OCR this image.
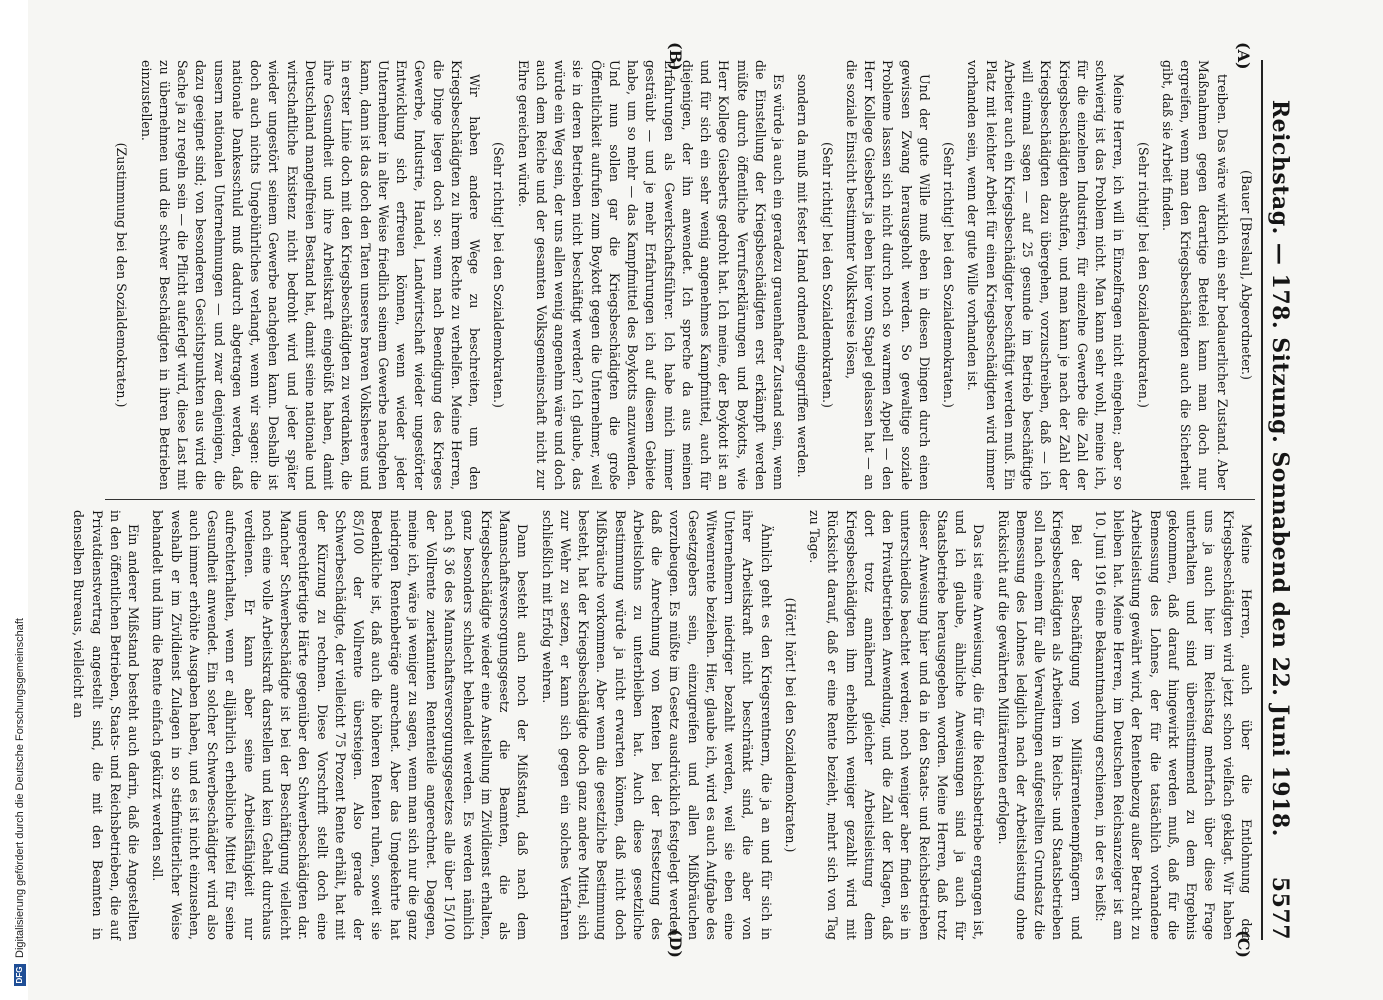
DFG
Digitalisierung gefördert durch die Deutsche Forschungsgemeinschaft	Reichstag. — 178. Sitzung. Sonnabend den 22. Juni 1918.
5577
(A)
(B)
(C)
(D)

(Bauer [Breslau], Abgeordneter.)

treiben. Das wäre wirklich ein sehr bedauerlicher Zustand. Aber Maßnahmen gegen derartige Bettelei kann man doch nur ergreifen, wenn man den Kriegsbeschädigten auch die Sicherheit gibt, daß sie Arbeit finden.

(Sehr richtig! bei den Sozialdemokraten.)

Meine Herren, ich will in Einzelfragen nicht eingehen; aber so schwierig ist das Problem nicht. Man kann sehr wohl, meine ich, für die einzelnen Industrien, für einzelne Gewerbe die Zahl der Kriegsbeschädigten abstufen, und man kann je nach der Zahl der Kriegsbeschädigten dazu übergehen, vorzuschreiben, daß — ich will einmal sagen — auf 25 gesunde im Betrieb beschäftigte Arbeiter auch ein Kriegsbeschädigter beschäftigt werden muß. Ein Platz mit leichter Arbeit für einen Kriegsbeschädigten wird immer vorhanden sein, wenn der gute Wille vorhanden ist.

(Sehr richtig! bei den Sozialdemokraten.)

Und der gute Wille muß eben in diesen Dingen durch einen gewissen Zwang herausgeholt werden. So gewaltige soziale Probleme lassen sich nicht durch noch so warmen Appell — den Herr Kollege Giesberts ja eben hier vom Stapel gelassen hat — an die soziale Einsicht bestimmter Volkskreise lösen,

(Sehr richtig! bei den Sozialdemokraten.)

sondern da muß mit fester Hand ordnend eingegriffen werden.

Es würde ja auch ein geradezu grauenhafter Zustand sein, wenn die Einstellung der Kriegsbeschädigten erst erkämpft werden müßte durch öffentliche Verrufserklärungen und Boykotts, wie Herr Kollege Giesberts gedroht hat. Ich meine, der Boykott ist an und für sich ein sehr wenig angenehmes Kampfmittel, auch für diejenigen, der ihn anwendet. Ich spreche da aus meinen Erfahrungen als Gewerkschaftsführer. Ich habe mich immer gesträubt — und je mehr Erfahrungen ich auf diesem Gebiete habe, um so mehr — das Kampfmittel des Boykotts anzuwenden. Und nun sollen gar die Kriegsbeschädigten die große Öffentlichkeit aufrufen zum Boykott gegen die Unternehmer, weil sie in deren Betrieben nicht beschäftigt werden? Ich glaube, das würde ein Weg sein, der uns allen wenig angenehm wäre und doch auch dem Reiche und der gesamten Volksgemeinschaft nicht zur Ehre gereichen würde.

(Sehr richtig! bei den Sozialdemokraten.)

Wir haben andere Wege zu beschreiten, um den Kriegsbeschädigten zu ihrem Rechte zu verhelfen. Meine Herren, die Dinge liegen doch so: wenn nach Beendigung des Krieges Gewerbe, Industrie, Handel, Landwirtschaft wieder ungestörter Entwicklung sich erfreuen können, wenn wieder jeder Unternehmer in alter Weise friedlich seinem Gewerbe nachgehen kann, dann ist das doch den Taten unseres braven Volksheeres und in erster Linie doch mit den Kriegsbeschädigten zu verdanken, die ihre Gesundheit und ihre Arbeitskraft eingebüßt haben, damit Deutschland mangelfreien Bestand hat, damit seine nationale und wirtschaftliche Existenz nicht bedroht wird und jeder später wieder ungestört seinem Gewerbe nachgehen kann. Deshalb ist doch auch nichts Ungebührliches verlangt, wenn wir sagen: die nationale Dankesschuld muß dadurch abgetragen werden, daß unsern nationalen Unternehmungen — und zwar denjenigen, die dazu geeignet sind; von besonderen Gesichtspunkten aus wird die Sache ja zu regeln sein — die Pflicht auferlegt wird, diese Last mit zu übernehmen und die schwer Beschädigten in ihren Betrieben einzustellen.

(Zustimmung bei den Sozialdemokraten.)

Meine Herren, auch über die Entlohnung der Kriegsbeschädigten wird jetzt schon vielfach geklagt. Wir haben uns ja auch hier im Reichstag mehrfach über diese Frage unterhalten und sind übereinstimmend zu dem Ergebnis gekommen, daß darauf hingewirkt werden muß, daß für die Bemessung des Lohnes, der für die tatsächlich vorhandene Arbeitsleistung gewährt wird, der Rentenbezug außer Betracht zu bleiben hat. Meine Herren, im Deutschen Reichsanzeiger ist am 10. Juni 1916 eine Bekanntmachung erschienen, in der es heißt:

Bei der Beschäftigung von Militärrentenempfängern und Kriegsbeschädigten als Arbeitern in Reichs- und Staatsbetrieben soll nach einem für alle Verwaltungen aufgestellten Grundsatz die Bemessung des Lohnes lediglich nach der Arbeitsleistung ohne Rücksicht auf die gewährten Militärrenten erfolgen.

Das ist eine Anweisung, die für die Reichsbetriebe ergangen ist, und ich glaube, ähnliche Anweisungen sind ja auch für Staatsbetriebe herausgegeben worden. Meine Herren, daß trotz dieser Anweisung hier und da in den Staats- und Reichsbetrieben unterschiedlos beachtet werden; noch weniger aber finden sie in den Privatbetrieben Anwendung, und die Zahl der Klagen, daß dort trotz annähernd gleicher Arbeitsleistung dem Kriegsbeschädigten ihm erheblich weniger gezahlt wird mit Rücksicht darauf, daß er eine Rente bezieht, mehrt sich von Tag zu Tage.

(Hört! hört! bei den Sozialdemokraten.)

Ähnlich geht es den Kriegsrentnern, die ja an und für sich in ihrer Arbeitskraft nicht beschränkt sind, die aber von Unternehmern niedriger bezahlt werden, weil sie eben eine Witwenrente beziehen. Hier, glaube ich, wird es auch Aufgabe des Gesetzgebers sein, einzugreifen und allen Mißbräuchen vorzubeugen. Es müßte im Gesetz ausdrücklich festgelegt werden, daß die Anrechnung von Renten bei der Festsetzung des Arbeitslohns zu unterbleiben hat. Auch diese gesetzliche Bestimmung würde ja nicht erwarten können, daß nicht doch Mißbräuche vorkommen. Aber wenn die gesetzliche Bestimmung besteht, hat der Kriegsbeschädigte doch ganz andere Mittel, sich zur Wehr zu setzen, er kann sich gegen ein solches Verfahren schließlich mit Erfolg wehren.

Dann besteht auch noch der Mißstand, daß nach dem Mannschaftsversorgungsgesetz die Beamten, die als Kriegsbeschädigte wieder eine Anstellung im Zivildienst erhalten, ganz besonders schlecht behandelt werden. Es werden nämlich nach § 36 des Mannschaftsversorgungsgesetzes alle über 15/100 der Vollrente zuerkannten Rententeile angerechnet. Dagegen, meine ich, wäre ja weniger zu sagen, wenn man sich nur die ganz niedrigen Rentenbeträge anrechnet. Aber das Umgekehrte hat Bedenkliche ist, daß auch die höheren Renten ruhen, soweit sie 85/100 der Vollrente übersteigen. Also gerade der Schwerbeschädigte, der vielleicht 75 Prozent Rente erhält, hat mit der Kürzung zu rechnen. Diese Vorschrift stellt doch eine ungerechtfertigte Härte gegenüber den Schwerbeschädigten dar. Mancher Schwerbeschädigte ist bei der Beschäftigung vielleicht noch eine volle Arbeitskraft darstellen und kein Gehalt durchaus verdienen. Er kann aber seine Arbeitsfähigkeit nur aufrechterhalten, wenn er alljährlich erhebliche Mittel für seine Gesundheit anwendet. Ein solcher Schwerbeschädigter wird also auch immer erhöhte Ausgaben haben, und es ist nicht einzusehen, weshalb er im Zivildienst Zulagen in so stiefmütterlicher Weise behandelt und ihm die Rente einfach gekürzt werden soll.

Ein anderer Mißstand besteht auch darin, daß die Angestellten in den öffentlichen Betrieben, Staats- und Reichsbetrieben, die auf Privatdienstvertrag angestellt sind, die mit den Beamten in denselben Bureaus, vielleicht an
